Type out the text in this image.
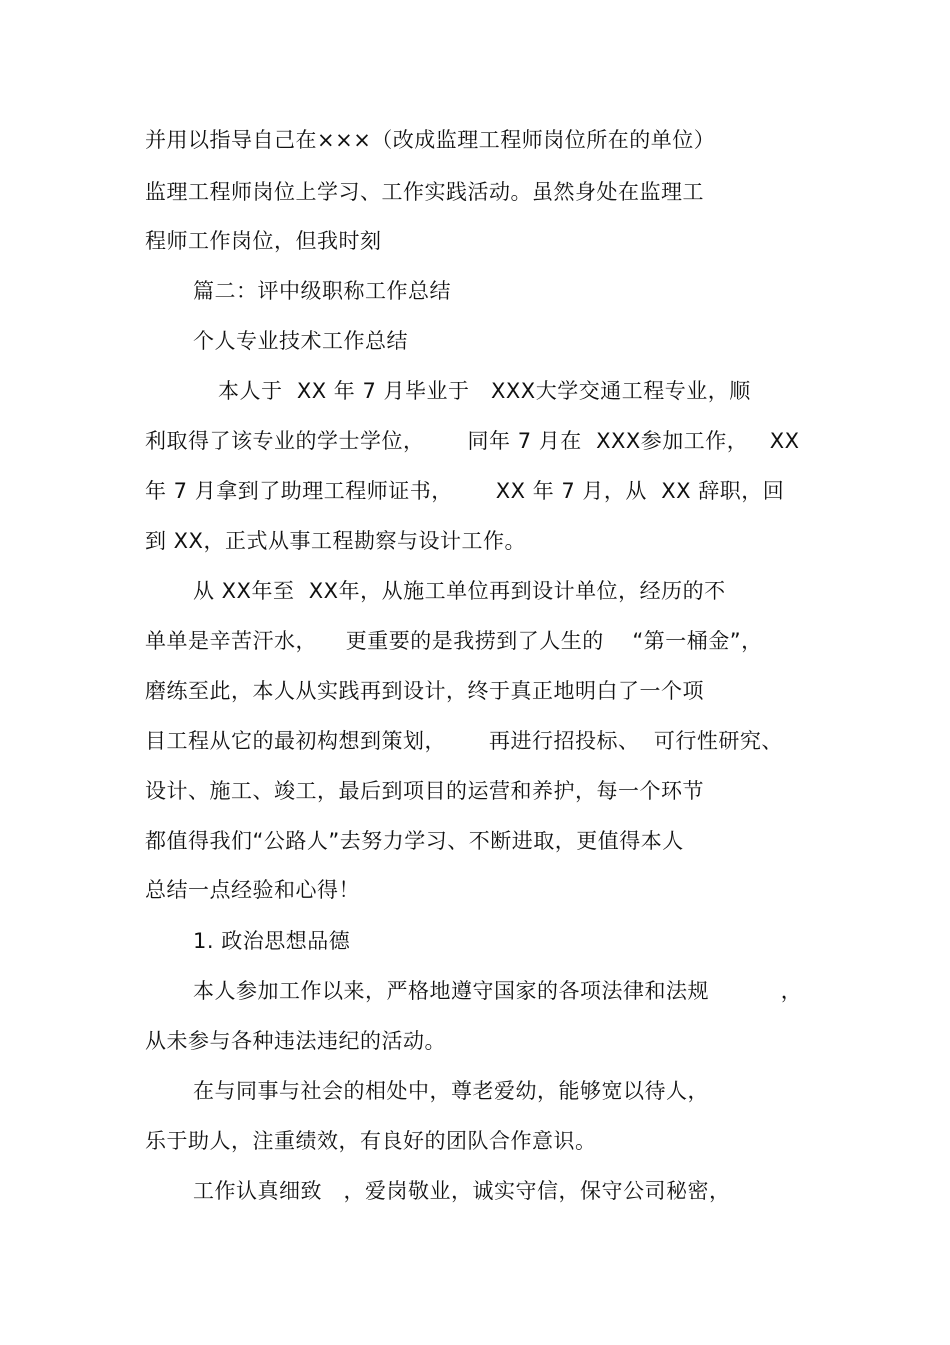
并用以指导自己在×××（改成监理工程师岗位所在的单位）
监理工程师岗位上学习、工作实践活动。虽然身处在监理工
程师工作岗位，但我时刻
篇二：评中级职称工作总结
个人专业技术工作总结
本人于  XX 年 7 月毕业于   XXX大学交通工程专业，顺
利取得了该专业的学士学位，      同年 7 月在  XXX参加工作，   XX
年 7 月拿到了助理工程师证书，      XX 年 7 月，从  XX 辞职，回
到 XX，正式从事工程勘察与设计工作。
从 XX年至  XX年，从施工单位再到设计单位，经历的不
单单是辛苦汗水，    更重要的是我捞到了人生的    “第一桶金”，
磨练至此，本人从实践再到设计，终于真正地明白了一个项
目工程从它的最初构想到策划，      再进行招投标、  可行性研究、
设计、施工、竣工，最后到项目的运营和养护，每一个环节
都值得我们“公路人”去努力学习、不断进取，更值得本人
总结一点经验和心得！
1. 政治思想品德
本人参加工作以来，严格地遵守国家的各项法律和法规          ，
从未参与各种违法违纪的活动。
在与同事与社会的相处中，尊老爱幼，能够宽以待人，
乐于助人，注重绩效，有良好的团队合作意识。
工作认真细致   ，爱岗敬业，诚实守信，保守公司秘密，
